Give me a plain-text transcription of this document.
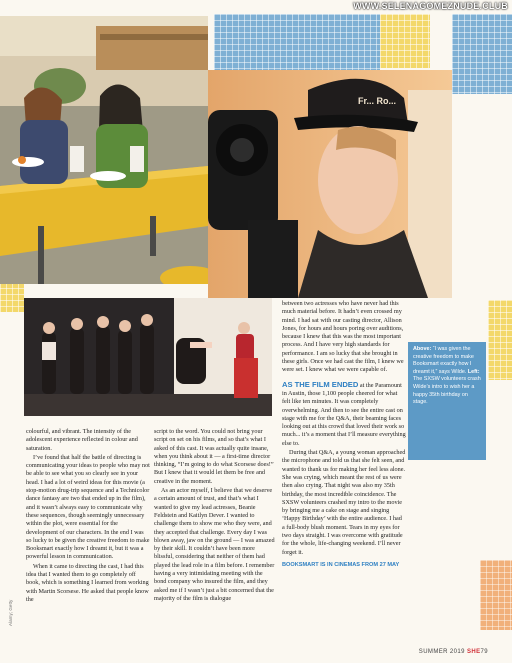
WWW.SELENAGOMEZNUDE.CLUB
Fr... Ro...

between two actresses who have never had this much material before. It hadn’t even crossed my mind. I had sat with our casting director, Allison Jones, for hours and hours poring over auditions, because I knew that this was the most important process. And I have very high standards for performance. I am so lucky that she brought in these girls. Once we had cast the film, I knew we were set. I knew what we were capable of.

AS THE FILM ENDED at the Paramount in Austin, those 1,100 people cheered for what felt like ten minutes. It was completely overwhelming. And then to see the entire cast on stage with me for the Q&A, their beaming faces looking out at this crowd that loved their work so much... it’s a moment that I’ll measure everything else to.

During that Q&A, a young woman approached the microphone and told us that she felt seen, and wanted to thank us for making her feel less alone. She was crying, which meant the rest of us were then also crying. That night was also my 35th birthday, the most incredible coincidence. The SXSW volunteers crashed my intro to the movie by bringing me a cake on stage and singing ‘Happy Birthday’ with the entire audience. I had a full-body blush moment. Tears in my eyes for two days straight. I was overcome with gratitude for the whole, life-changing weekend. I’ll never forget it.

BOOKSMART IS IN CINEMAS FROM 27 MAY

Above: “I was given the creative freedom to make Booksmart exactly how I dreamt it,” says Wilde. Left: The SXSW volunteers crash Wilde’s intro to wish her a happy 35th birthday on stage.

colourful, and vibrant. The intensity of the adolescent experience reflected in colour and saturation.

I’ve found that half the battle of directing is communicating your ideas to people who may not be able to see what you so clearly see in your head. I had a lot of weird ideas for this movie (a stop-motion drug-trip sequence and a Technicolor dance fantasy are two that ended up in the film), and it wasn’t always easy to communicate why these sequences, though seemingly unnecessary within the plot, were essential for the development of our characters. In the end I was so lucky to be given the creative freedom to make Booksmart exactly how I dreamt it, but it was a powerful lesson in communication.

When it came to directing the cast, I had this idea that I wanted them to go completely off book, which is something I learned from working with Martin Scorsese. He asked that people know the

script to the word. You could not bring your script on set on his films, and so that’s what I asked of this cast. It was actually quite insane, when you think about it — a first-time director thinking, “I’m going to do what Scorsese does!” But I knew that it would let them be free and creative in the moment.

As an actor myself, I believe that we deserve a certain amount of trust, and that’s what I wanted to give my lead actresses, Beanie Feldstein and Kaitlyn Dever. I wanted to challenge them to show me who they were, and they accepted that challenge. Every day I was blown away, jaw on the ground — I was amazed by their skill. It couldn’t have been more blissful, considering that neither of them had played the lead role in a film before. I remember having a very intimidating meeting with the bond company who insured the film, and they asked me if I wasn’t just a bit concerned that the majority of the film is dialogue

Alamy; Getty
SUMMER 2019 SHE79
